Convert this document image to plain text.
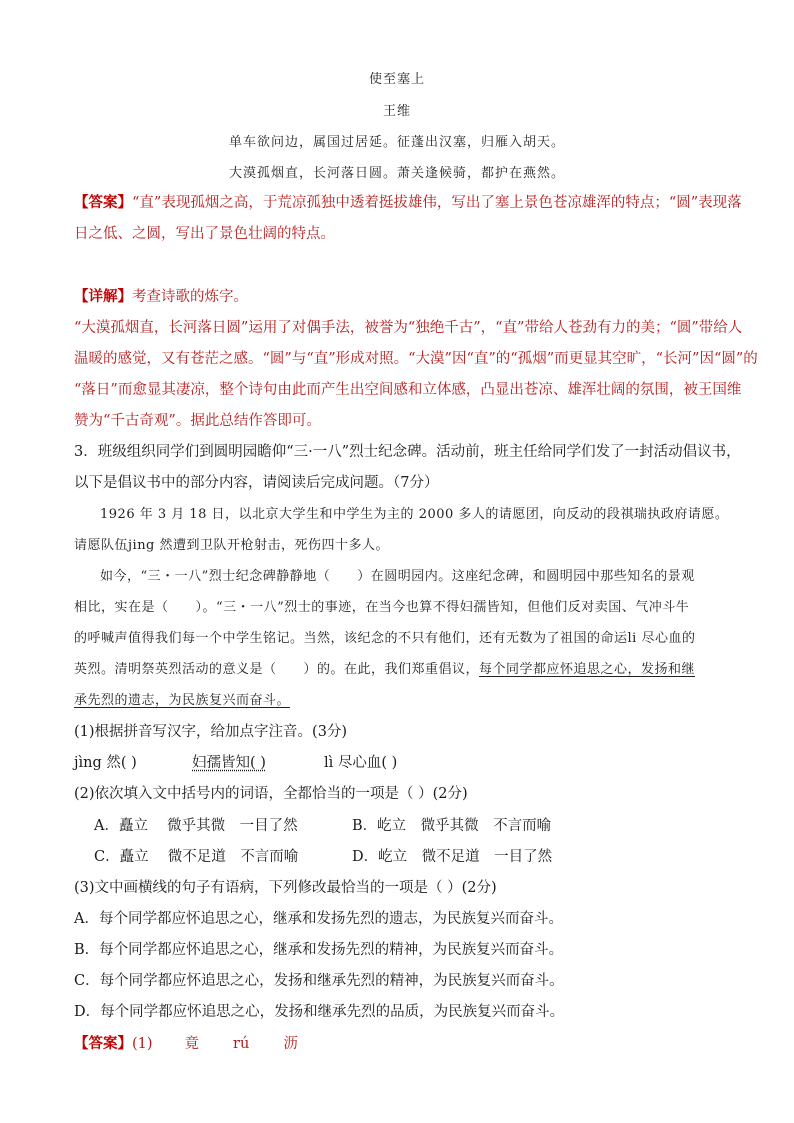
使至塞上
王维
单车欲问边，属国过居延。征蓬出汉塞，归雁入胡天。
大漠孤烟直，长河落日圆。萧关逢候骑，都护在燕然。
【答案】“直”表现孤烟之高，于荒凉孤独中透着挺拔雄伟，写出了塞上景色苍凉雄浑的特点；“圆”表现落
日之低、之圆，写出了景色壮阔的特点。
【详解】考查诗歌的炼字。
“大漠孤烟直，长河落日圆”运用了对偶手法，被誉为“独绝千古”，“直”带给人苍劲有力的美；“圆”带给人
温暖的感觉，又有苍茫之感。“圆”与“直”形成对照。“大漠”因“直”的“孤烟”而更显其空旷，“长河”因“圆”的
“落日”而愈显其凄凉，整个诗句由此而产生出空间感和立体感，凸显出苍凉、雄浑壮阔的氛围，被王国维
赞为“千古奇观”。据此总结作答即可。
3．班级组织同学们到圆明园瞻仰“三·一八”烈士纪念碑。活动前，班主任给同学们发了一封活动倡议书，
以下是倡议书中的部分内容，请阅读后完成问题。（7分）
1926 年 3 月 18 日，以北京大学生和中学生为主的 2000 多人的请愿团，向反动的段祺瑞执政府请愿。
请愿队伍jing 然遭到卫队开枪射击，死伤四十多人。
如今，“三・一八”烈士纪念碑静静地（　　）在圆明园内。这座纪念碑，和圆明园中那些知名的景观
相比，实在是（　　）。“三・一八”烈士的事迹，在当今也算不得妇孺皆知，但他们反对卖国、气冲斗牛
的呼喊声值得我们每一个中学生铭记。当然，该纪念的不只有他们，还有无数为了祖国的命运li 尽心血的
英烈。清明祭英烈活动的意义是（　　）的。在此，我们郑重倡议，每个同学都应怀追思之心，发扬和继
承先烈的遗志，为民族复兴而奋斗。
(1)根据拼音写汉字，给加点字注音。(3分)
jìng 然( )	妇孺皆知( )	lì 尽心血( )
(2)依次填入文中括号内的词语，全都恰当的一项是（ ）(2分)
A．矗立　 微乎其微　一目了然	B．屹立　微乎其微　不言而喻
C．矗立　 微不足道　不言而喻	D．屹立　微不足道　一目了然
(3)文中画横线的句子有语病，下列修改最恰当的一项是（ ）(2分)
A．每个同学都应怀追思之心，继承和发扬先烈的遗志，为民族复兴而奋斗。
B．每个同学都应怀追思之心，继承和发扬先烈的精神，为民族复兴而奋斗。
C．每个同学都应怀追思之心，发扬和继承先烈的精神，为民族复兴而奋斗。
D．每个同学都应怀追思之心，发扬和继承先烈的品质，为民族复兴而奋斗。
【答案】(1) 竟 rú 沥
